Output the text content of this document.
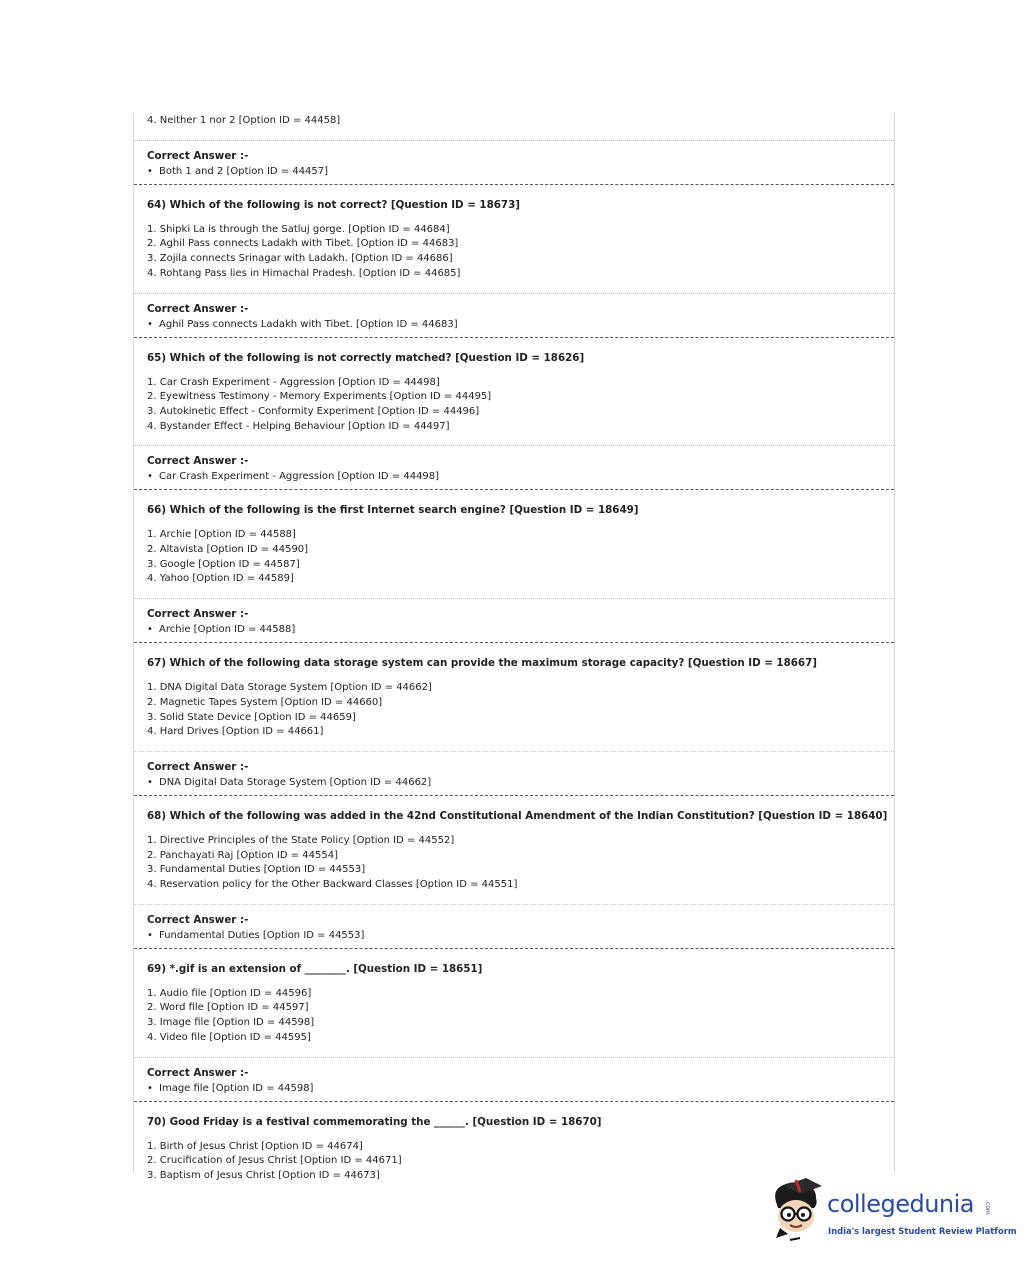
4. Neither 1 nor 2 [Option ID = 44458]
Correct Answer :-
• Both 1 and 2 [Option ID = 44457]
64) Which of the following is not correct? [Question ID = 18673]
1. Shipki La is through the Satluj gorge. [Option ID = 44684]
2. Aghil Pass connects Ladakh with Tibet. [Option ID = 44683]
3. Zojila connects Srinagar with Ladakh. [Option ID = 44686]
4. Rohtang Pass lies in Himachal Pradesh. [Option ID = 44685]
Correct Answer :-
• Aghil Pass connects Ladakh with Tibet. [Option ID = 44683]
65) Which of the following is not correctly matched? [Question ID = 18626]
1. Car Crash Experiment - Aggression [Option ID = 44498]
2. Eyewitness Testimony - Memory Experiments [Option ID = 44495]
3. Autokinetic Effect - Conformity Experiment [Option ID = 44496]
4. Bystander Effect - Helping Behaviour [Option ID = 44497]
Correct Answer :-
• Car Crash Experiment - Aggression [Option ID = 44498]
66) Which of the following is the first Internet search engine? [Question ID = 18649]
1. Archie [Option ID = 44588]
2. Altavista [Option ID = 44590]
3. Google [Option ID = 44587]
4. Yahoo [Option ID = 44589]
Correct Answer :-
• Archie [Option ID = 44588]
67) Which of the following data storage system can provide the maximum storage capacity? [Question ID = 18667]
1. DNA Digital Data Storage System [Option ID = 44662]
2. Magnetic Tapes System [Option ID = 44660]
3. Solid State Device [Option ID = 44659]
4. Hard Drives [Option ID = 44661]
Correct Answer :-
• DNA Digital Data Storage System [Option ID = 44662]
68) Which of the following was added in the 42nd Constitutional Amendment of the Indian Constitution? [Question ID = 18640]
1. Directive Principles of the State Policy [Option ID = 44552]
2. Panchayati Raj [Option ID = 44554]
3. Fundamental Duties [Option ID = 44553]
4. Reservation policy for the Other Backward Classes [Option ID = 44551]
Correct Answer :-
• Fundamental Duties [Option ID = 44553]
69) *.gif is an extension of ________. [Question ID = 18651]
1. Audio file [Option ID = 44596]
2. Word file [Option ID = 44597]
3. Image file [Option ID = 44598]
4. Video file [Option ID = 44595]
Correct Answer :-
• Image file [Option ID = 44598]
70) Good Friday is a festival commemorating the ______. [Question ID = 18670]
1. Birth of Jesus Christ [Option ID = 44674]
2. Crucification of Jesus Christ [Option ID = 44671]
3. Baptism of Jesus Christ [Option ID = 44673]
collegedunia .com
India's largest Student Review Platform
